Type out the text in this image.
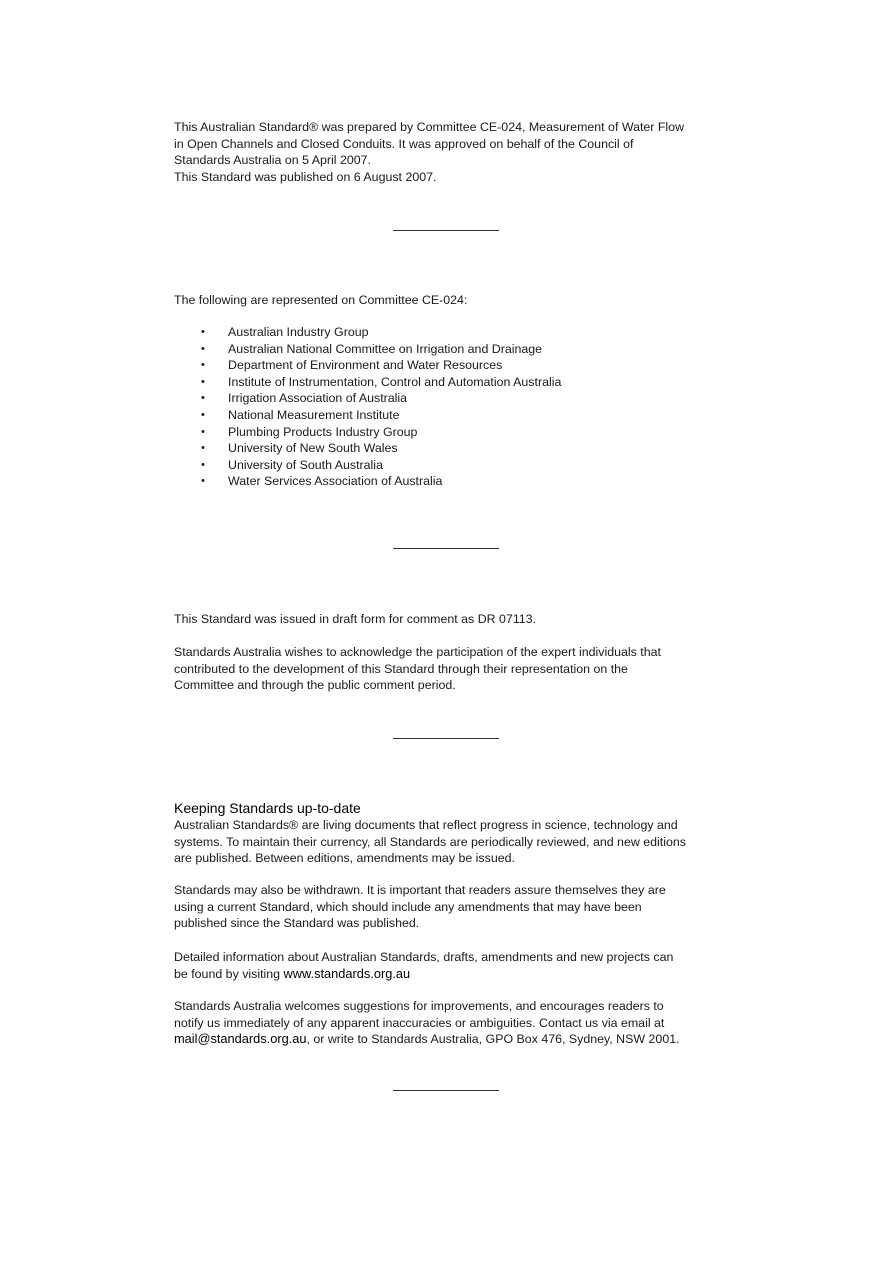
This Australian Standard® was prepared by Committee CE-024, Measurement of Water Flow
in Open Channels and Closed Conduits. It was approved on behalf of the Council of
Standards Australia on 5 April 2007.
This Standard was published on 6 August 2007.

The following are represented on Committee CE-024:

• Australian Industry Group
• Australian National Committee on Irrigation and Drainage
• Department of Environment and Water Resources
• Institute of Instrumentation, Control and Automation Australia
• Irrigation Association of Australia
• National Measurement Institute
• Plumbing Products Industry Group
• University of New South Wales
• University of South Australia
• Water Services Association of Australia

This Standard was issued in draft form for comment as DR 07113.

Standards Australia wishes to acknowledge the participation of the expert individuals that
contributed to the development of this Standard through their representation on the
Committee and through the public comment period.

Keeping Standards up-to-date

Australian Standards® are living documents that reflect progress in science, technology and
systems. To maintain their currency, all Standards are periodically reviewed, and new editions
are published. Between editions, amendments may be issued.

Standards may also be withdrawn. It is important that readers assure themselves they are
using a current Standard, which should include any amendments that may have been
published since the Standard was published.

Detailed information about Australian Standards, drafts, amendments and new projects can
be found by visiting www.standards.org.au

Standards Australia welcomes suggestions for improvements, and encourages readers to
notify us immediately of any apparent inaccuracies or ambiguities. Contact us via email at
mail@standards.org.au, or write to Standards Australia, GPO Box 476, Sydney, NSW 2001.
